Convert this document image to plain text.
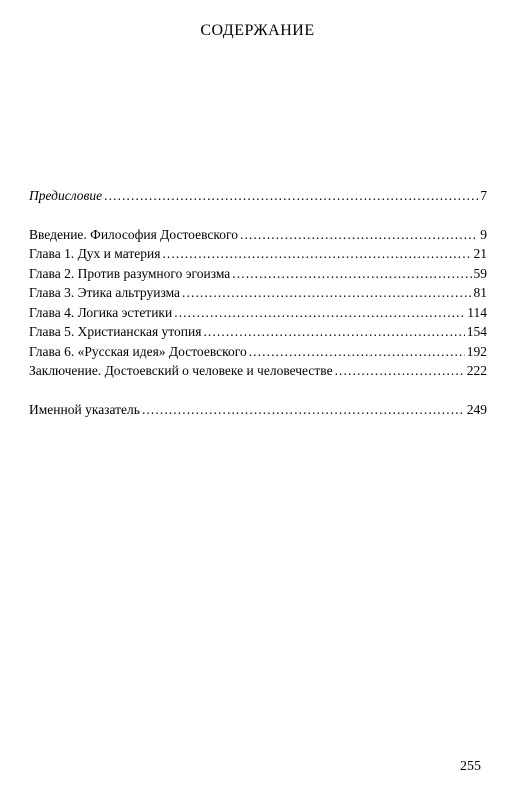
СОДЕРЖАНИЕ
Предисловие .....	7
Введение. Философия Достоевского .....	9
Глава 1. Дух и материя .....	21
Глава 2. Против разумного эгоизма .....	59
Глава 3. Этика альтруизма .....	81
Глава 4. Логика эстетики .....	114
Глава 5. Христианская утопия .....	154
Глава 6. «Русская идея» Достоевского .....	192
Заключение. Достоевский о человеке и человечестве .....	222
Именной указатель .....	249
255
